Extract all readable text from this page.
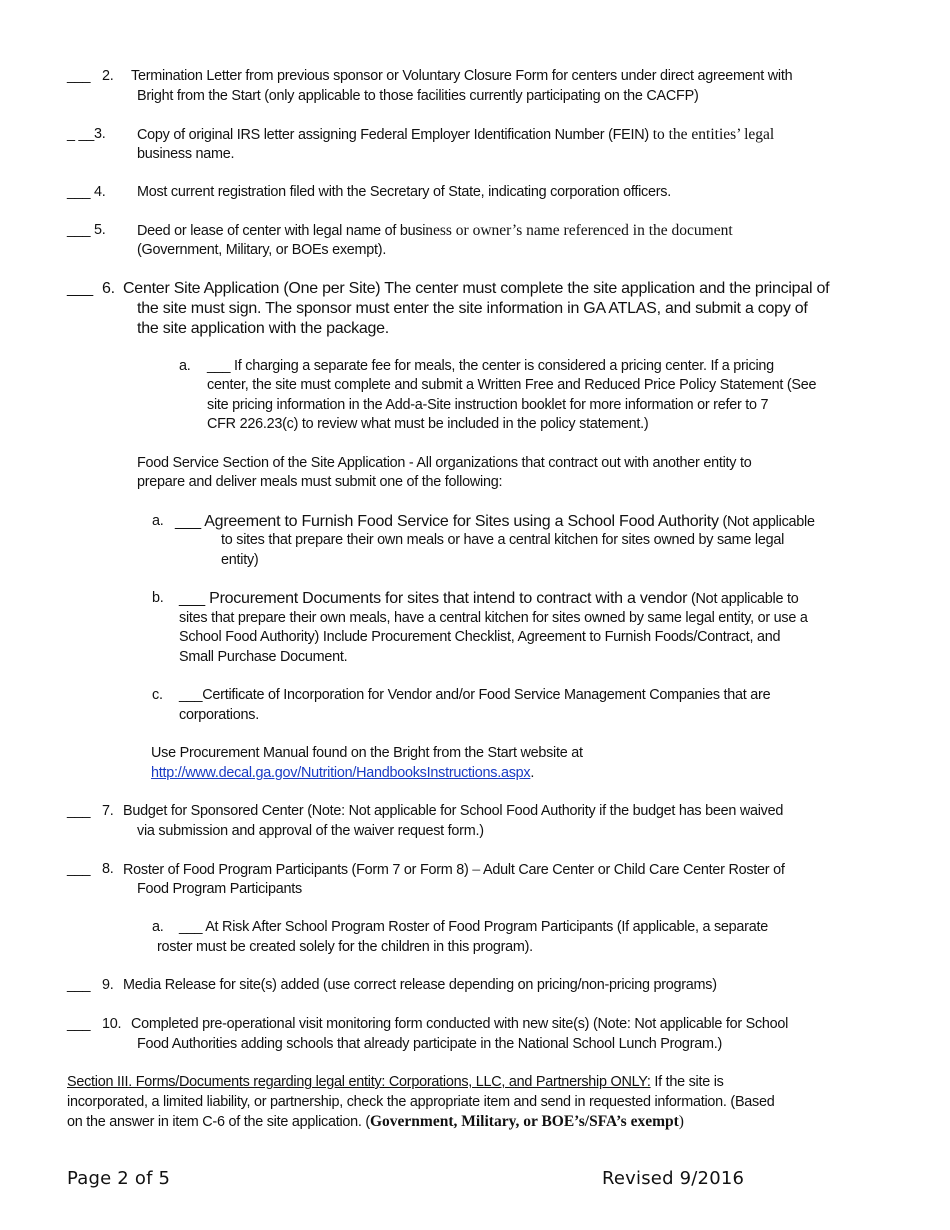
___ 2. Termination Letter from previous sponsor or Voluntary Closure Form for centers under direct agreement with
Bright from the Start (only applicable to those facilities currently participating on the CACFP)
_ __3. Copy of original IRS letter assigning Federal Employer Identification Number (FEIN) to the entities’ legal
business name.
___ 4. Most current registration filed with the Secretary of State, indicating corporation officers.
___ 5. Deed or lease of center with legal name of business or owner’s name referenced in the document
(Government, Military, or BOEs exempt).
___ 6. Center Site Application (One per Site) The center must complete the site application and the principal of
the site must sign. The sponsor must enter the site information in GA ATLAS, and submit a copy of
the site application with the package.
a. ___ If charging a separate fee for meals, the center is considered a pricing center. If a pricing
center, the site must complete and submit a Written Free and Reduced Price Policy Statement (See
site pricing information in the Add-a-Site instruction booklet for more information or refer to 7
CFR 226.23(c) to review what must be included in the policy statement.)
Food Service Section of the Site Application - All organizations that contract out with another entity to
prepare and deliver meals must submit one of the following:
a. ___ Agreement to Furnish Food Service for Sites using a School Food Authority (Not applicable
to sites that prepare their own meals or have a central kitchen for sites owned by same legal
entity)
b. ___ Procurement Documents for sites that intend to contract with a vendor (Not applicable to
sites that prepare their own meals, have a central kitchen for sites owned by same legal entity, or use a
School Food Authority) Include Procurement Checklist, Agreement to Furnish Foods/Contract, and
Small Purchase Document.
c. ___Certificate of Incorporation for Vendor and/or Food Service Management Companies that are
corporations.
Use Procurement Manual found on the Bright from the Start website at
http://www.decal.ga.gov/Nutrition/HandbooksInstructions.aspx.
___ 7. Budget for Sponsored Center (Note: Not applicable for School Food Authority if the budget has been waived
via submission and approval of the waiver request form.)
___ 8. Roster of Food Program Participants (Form 7 or Form 8) – Adult Care Center or Child Care Center Roster of
Food Program Participants
a. ___ At Risk After School Program Roster of Food Program Participants (If applicable, a separate
roster must be created solely for the children in this program).
___ 9. Media Release for site(s) added (use correct release depending on pricing/non-pricing programs)
___ 10. Completed pre-operational visit monitoring form conducted with new site(s) (Note: Not applicable for School
Food Authorities adding schools that already participate in the National School Lunch Program.)
Section III. Forms/Documents regarding legal entity: Corporations, LLC, and Partnership ONLY: If the site is
incorporated, a limited liability, or partnership, check the appropriate item and send in requested information. (Based
on the answer in item C-6 of the site application. (Government, Military, or BOE’s/SFA’s exempt)
Page 2 of 5	Revised 9/2016
